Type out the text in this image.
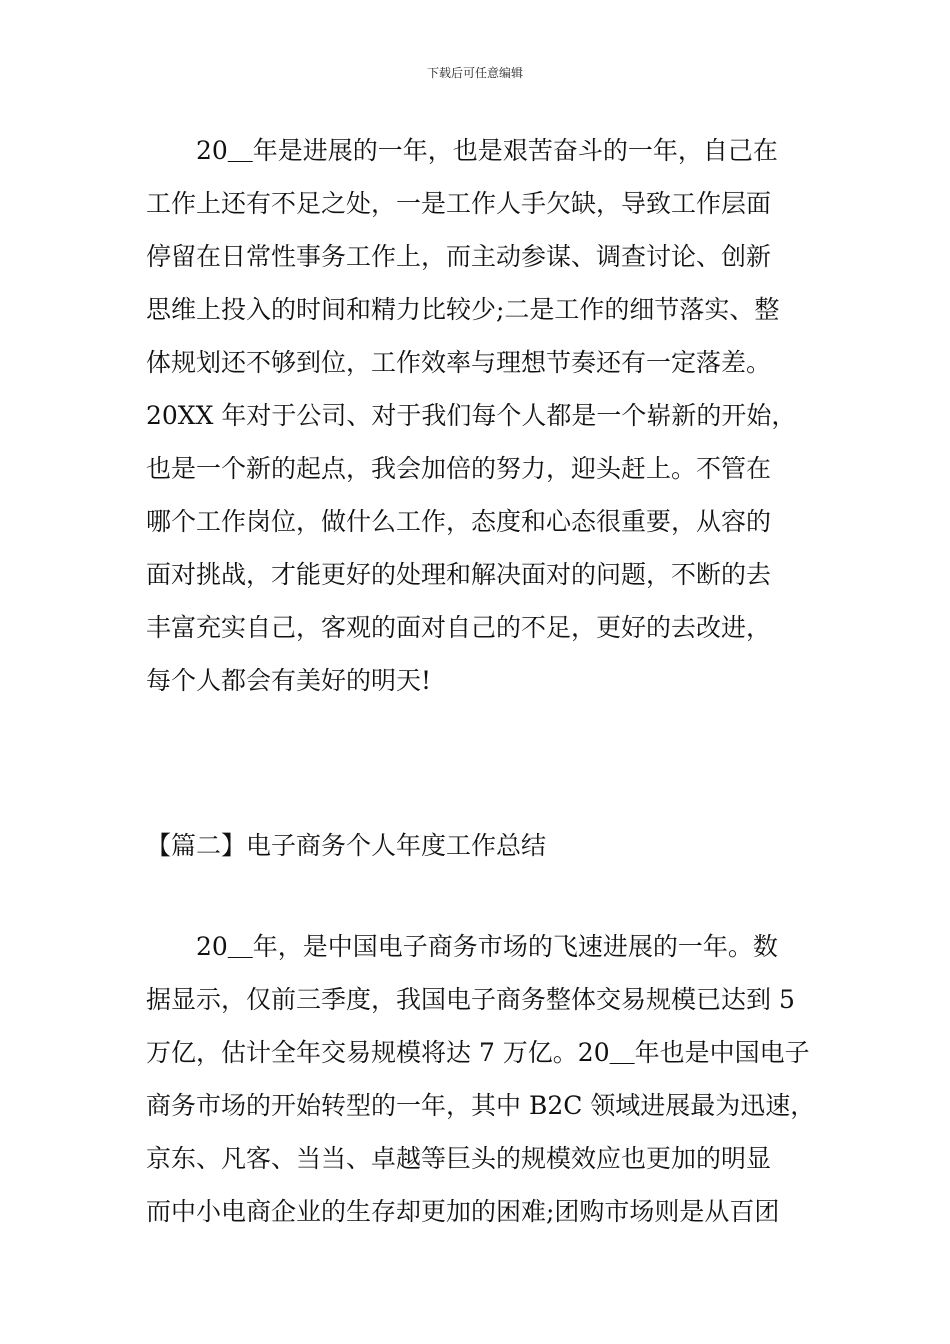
下载后可任意编辑
20＿年是进展的一年，也是艰苦奋斗的一年，自己在
工作上还有不足之处，一是工作人手欠缺，导致工作层面
停留在日常性事务工作上，而主动参谋、调查讨论、创新
思维上投入的时间和精力比较少;二是工作的细节落实、整
体规划还不够到位，工作效率与理想节奏还有一定落差。
20XX 年对于公司、对于我们每个人都是一个崭新的开始，
也是一个新的起点，我会加倍的努力，迎头赶上。不管在
哪个工作岗位，做什么工作，态度和心态很重要，从容的
面对挑战，才能更好的处理和解决面对的问题，不断的去
丰富充实自己，客观的面对自己的不足，更好的去改进，
每个人都会有美好的明天!
【篇二】电子商务个人年度工作总结
20＿年，是中国电子商务市场的飞速进展的一年。数
据显示，仅前三季度，我国电子商务整体交易规模已达到 5
万亿，估计全年交易规模将达 7 万亿。20＿年也是中国电子
商务市场的开始转型的一年，其中 B2C 领域进展最为迅速，
京东、凡客、当当、卓越等巨头的规模效应也更加的明显
而中小电商企业的生存却更加的困难;团购市场则是从百团
